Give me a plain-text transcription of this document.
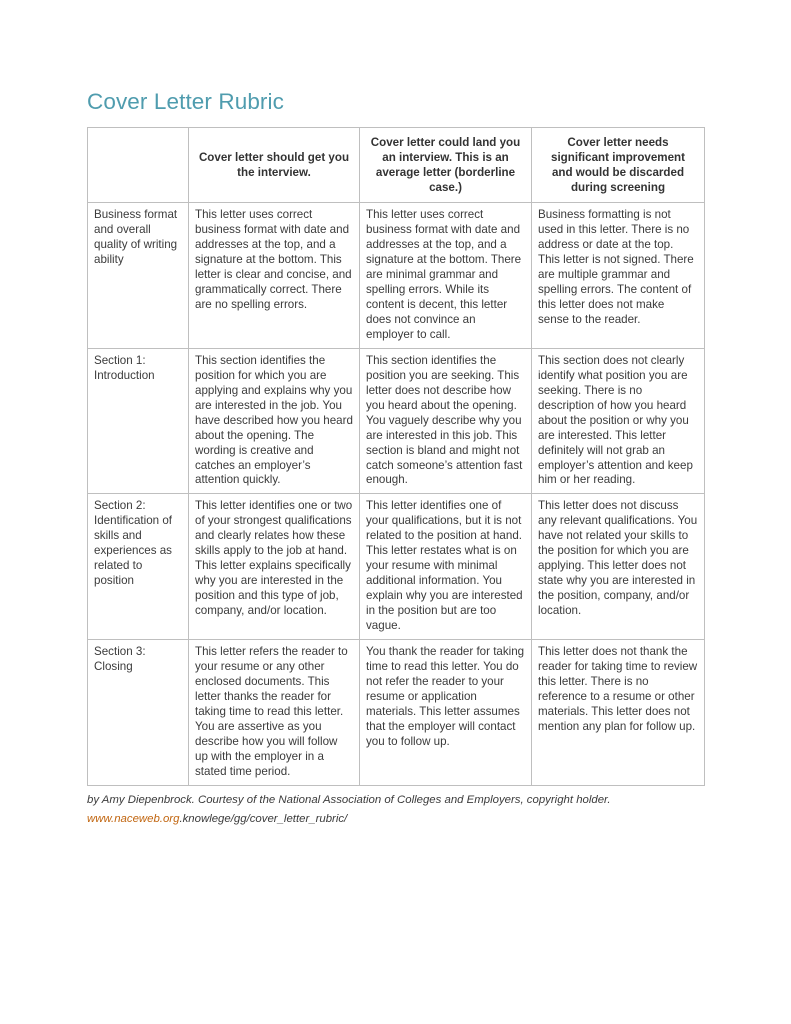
Cover Letter Rubric
	Cover letter should get you the interview.	Cover letter could land you an interview. This is an average letter (borderline case.)	Cover letter needs significant improvement and would be discarded during screening
Business format and overall quality of writing ability	This letter uses correct business format with date and addresses at the top, and a signature at the bottom. This letter is clear and concise, and grammatically correct. There are no spelling errors.	This letter uses correct business format with date and addresses at the top, and a signature at the bottom. There are minimal grammar and spelling errors. While its content is decent, this letter does not convince an employer to call.	Business formatting is not used in this letter. There is no address or date at the top. This letter is not signed. There are multiple grammar and spelling errors. The content of this letter does not make sense to the reader.
Section 1: Introduction	This section identifies the position for which you are applying and explains why you are interested in the job. You have described how you heard about the opening. The wording is creative and catches an employer’s attention quickly.	This section identifies the position you are seeking. This letter does not describe how you heard about the opening. You vaguely describe why you are interested in this job. This section is bland and might not catch someone’s attention fast enough.	This section does not clearly identify what position you are seeking. There is no description of how you heard about the position or why you are interested. This letter definitely will not grab an employer’s attention and keep him or her reading.
Section 2: Identification of skills and experiences as related to position	This letter identifies one or two of your strongest qualifications and clearly relates how these skills apply to the job at hand. This letter explains specifically why you are interested in the position and this type of job, company, and/or location.	This letter identifies one of your qualifications, but it is not related to the position at hand. This letter restates what is on your resume with minimal additional information. You explain why you are interested in the position but are too vague.	This letter does not discuss any relevant qualifications. You have not related your skills to the position for which you are applying. This letter does not state why you are interested in the position, company, and/or location.
Section 3: Closing	This letter refers the reader to your resume or any other enclosed documents. This letter thanks the reader for taking time to read this letter. You are assertive as you describe how you will follow up with the employer in a stated time period.	You thank the reader for taking time to read this letter. You do not refer the reader to your resume or application materials. This letter assumes that the employer will contact you to follow up.	This letter does not thank the reader for taking time to review this letter. There is no reference to a resume or other materials. This letter does not mention any plan for follow up.
by Amy Diepenbrock. Courtesy of the National Association of Colleges and Employers, copyright holder.
www.naceweb.org.knowlege/gg/cover_letter_rubric/
